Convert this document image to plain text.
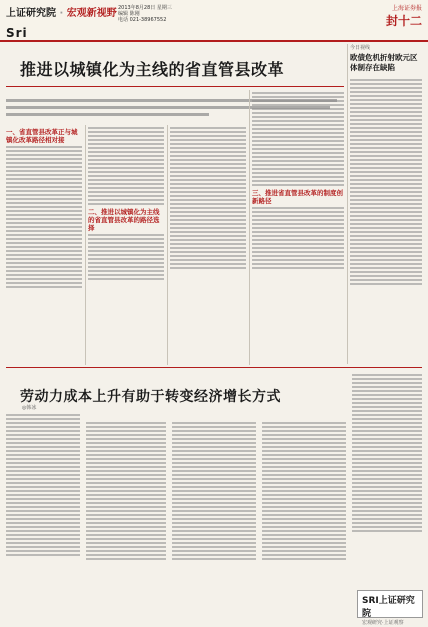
上证研究院 · 宏观新视野 2013年8月28日 星期三
编辑 陈刚
电话 021-38967552
Sri
上海证券报
封十二
推进以城镇化为主线的省直管县改革
一、省直管县改革正与城镇化改革路径相对接
二、推进以城镇化为主线的省直管县改革的路径选择
三、推进省直管县改革的制度创新路径
今日视线
欧债危机折射欧元区体制存在缺陷
劳动力成本上升有助于转变经济增长方式
◎韩冰
SRI上证研究院
宏观研究·上证观察
